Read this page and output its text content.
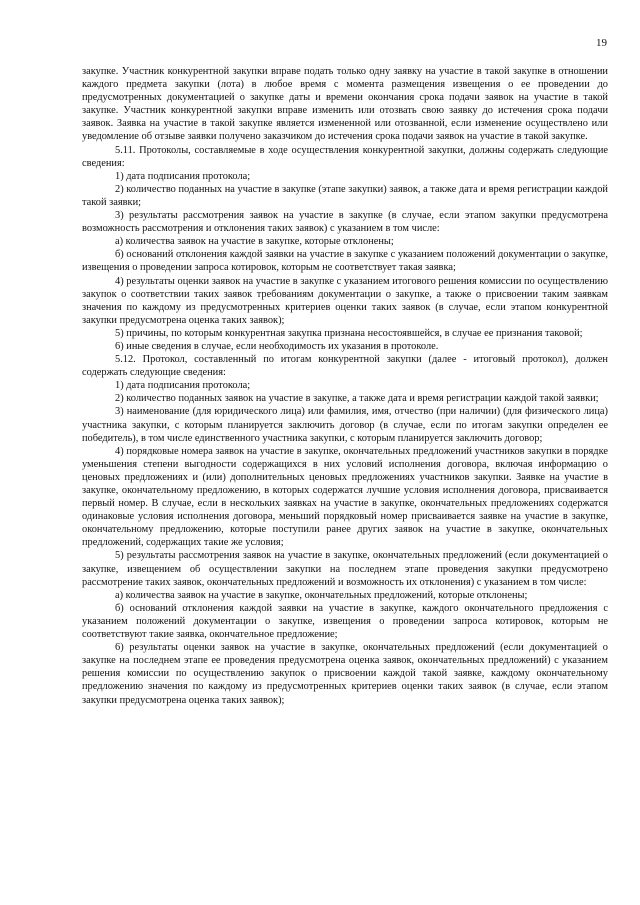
19

закупке. Участник конкурентной закупки вправе подать только одну заявку на участие в такой закупке в отношении каждого предмета закупки (лота) в любое время с момента размещения извещения о ее проведении до предусмотренных документацией о закупке даты и времени окончания срока подачи заявок на участие в такой закупке. Участник конкурентной закупки вправе изменить или отозвать свою заявку до истечения срока подачи заявок. Заявка на участие в такой закупке является измененной или отозванной, если изменение осуществлено или уведомление об отзыве заявки получено заказчиком до истечения срока подачи заявок на участие в такой закупке.

5.11. Протоколы, составляемые в ходе осуществления конкурентной закупки, должны содержать следующие сведения:

1) дата подписания протокола;

2) количество поданных на участие в закупке (этапе закупки) заявок, а также дата и время регистрации каждой такой заявки;

3) результаты рассмотрения заявок на участие в закупке (в случае, если этапом закупки предусмотрена возможность рассмотрения и отклонения таких заявок) с указанием в том числе:

а) количества заявок на участие в закупке, которые отклонены;

б) оснований отклонения каждой заявки на участие в закупке с указанием положений документации о закупке, извещения о проведении запроса котировок, которым не соответствует такая заявка;

4) результаты оценки заявок на участие в закупке с указанием итогового решения комиссии по осуществлению закупок о соответствии таких заявок требованиям документации о закупке, а также о присвоении таким заявкам значения по каждому из предусмотренных критериев оценки таких заявок (в случае, если этапом конкурентной закупки предусмотрена оценка таких заявок);

5) причины, по которым конкурентная закупка признана несостоявшейся, в случае ее признания таковой;

6) иные сведения в случае, если необходимость их указания в протоколе.

5.12. Протокол, составленный по итогам конкурентной закупки (далее - итоговый протокол), должен содержать следующие сведения:

1) дата подписания протокола;

2) количество поданных заявок на участие в закупке, а также дата и время регистрации каждой такой заявки;

3) наименование (для юридического лица) или фамилия, имя, отчество (при наличии) (для физического лица) участника закупки, с которым планируется заключить договор (в случае, если по итогам закупки определен ее победитель), в том числе единственного участника закупки, с которым планируется заключить договор;

4) порядковые номера заявок на участие в закупке, окончательных предложений участников закупки в порядке уменьшения степени выгодности содержащихся в них условий исполнения договора, включая информацию о ценовых предложениях и (или) дополнительных ценовых предложениях участников закупки. Заявке на участие в закупке, окончательному предложению, в которых содержатся лучшие условия исполнения договора, присваивается первый номер. В случае, если в нескольких заявках на участие в закупке, окончательных предложениях содержатся одинаковые условия исполнения договора, меньший порядковый номер присваивается заявке на участие в закупке, окончательному предложению, которые поступили ранее других заявок на участие в закупке, окончательных предложений, содержащих такие же условия;

5) результаты рассмотрения заявок на участие в закупке, окончательных предложений (если документацией о закупке, извещением об осуществлении закупки на последнем этапе проведения закупки предусмотрено рассмотрение таких заявок, окончательных предложений и возможность их отклонения) с указанием в том числе:

а) количества заявок на участие в закупке, окончательных предложений, которые отклонены;

б) оснований отклонения каждой заявки на участие в закупке, каждого окончательного предложения с указанием положений документации о закупке, извещения о проведении запроса котировок, которым не соответствуют такие заявка, окончательное предложение;

6) результаты оценки заявок на участие в закупке, окончательных предложений (если документацией о закупке на последнем этапе ее проведения предусмотрена оценка заявок, окончательных предложений) с указанием решения комиссии по осуществлению закупок о присвоении каждой такой заявке, каждому окончательному предложению значения по каждому из предусмотренных критериев оценки таких заявок (в случае, если этапом закупки предусмотрена оценка таких заявок);
